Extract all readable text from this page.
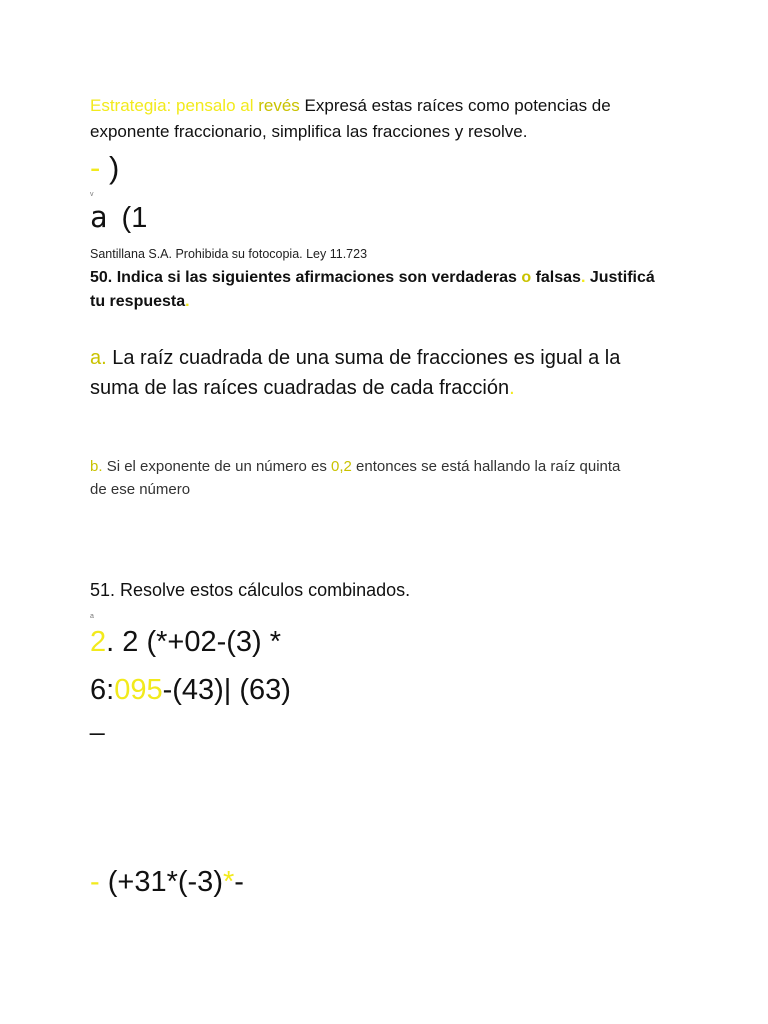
Estrategia: pensalo al revés Expresá estas raíces como potencias de
exponente fraccionario, simplifica las fracciones y resolve.
- )
v
a (1
Santillana S.A. Prohibida su fotocopia. Ley 11.723
50. Indica si las siguientes afirmaciones son verdaderas o falsas. Justificá
tu respuesta.
a. La raíz cuadrada de una suma de fracciones es igual a la
suma de las raíces cuadradas de cada fracción.
b. Si el exponente de un número es 0,2 entonces se está hallando la raíz quinta
de ese número
51. Resolve estos cálculos combinados.
a
2. 2 (*+02-(3) *
6:095-(43)| (63)
_
- (+31*(-3)*-
